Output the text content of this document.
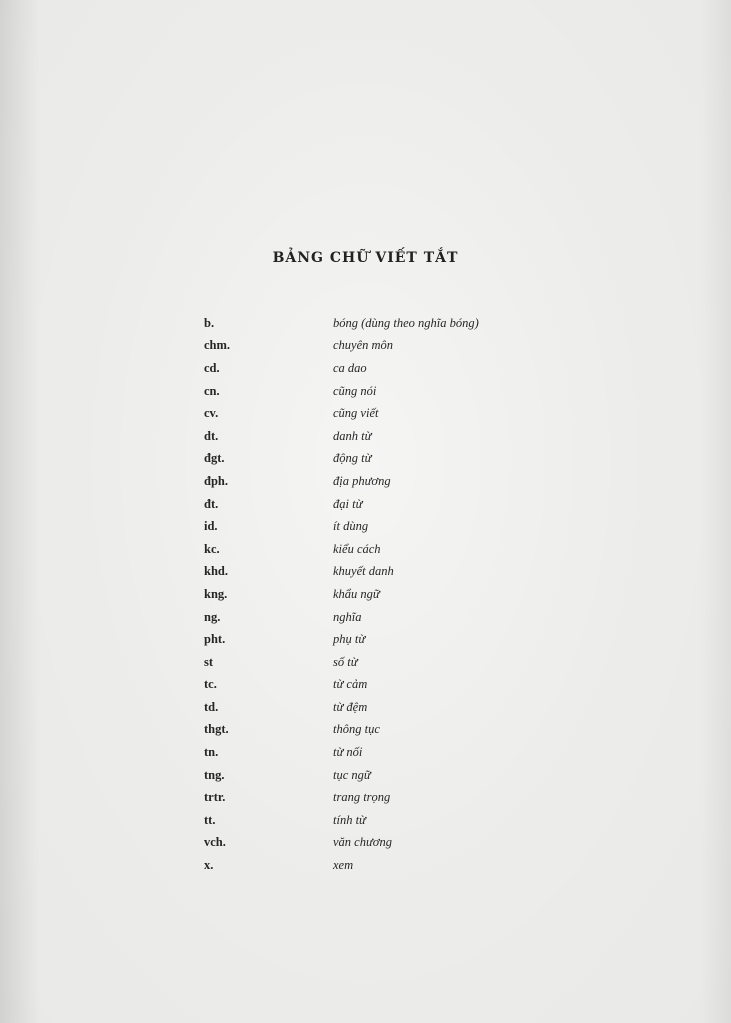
BẢNG CHỮ VIẾT TẮT
b.	bóng (dùng theo nghĩa bóng)
chm.	chuyên môn
cd.	ca dao
cn.	cũng nói
cv.	cũng viết
dt.	danh từ
đgt.	động từ
đph.	địa phương
đt.	đại từ
id.	ít dùng
kc.	kiểu cách
khd.	khuyết danh
kng.	khẩu ngữ
ng.	nghĩa
pht.	phụ từ
st	số từ
tc.	từ cảm
td.	từ đệm
thgt.	thông tục
tn.	từ nối
tng.	tục ngữ
trtr.	trang trọng
tt.	tính từ
vch.	văn chương
x.	xem
